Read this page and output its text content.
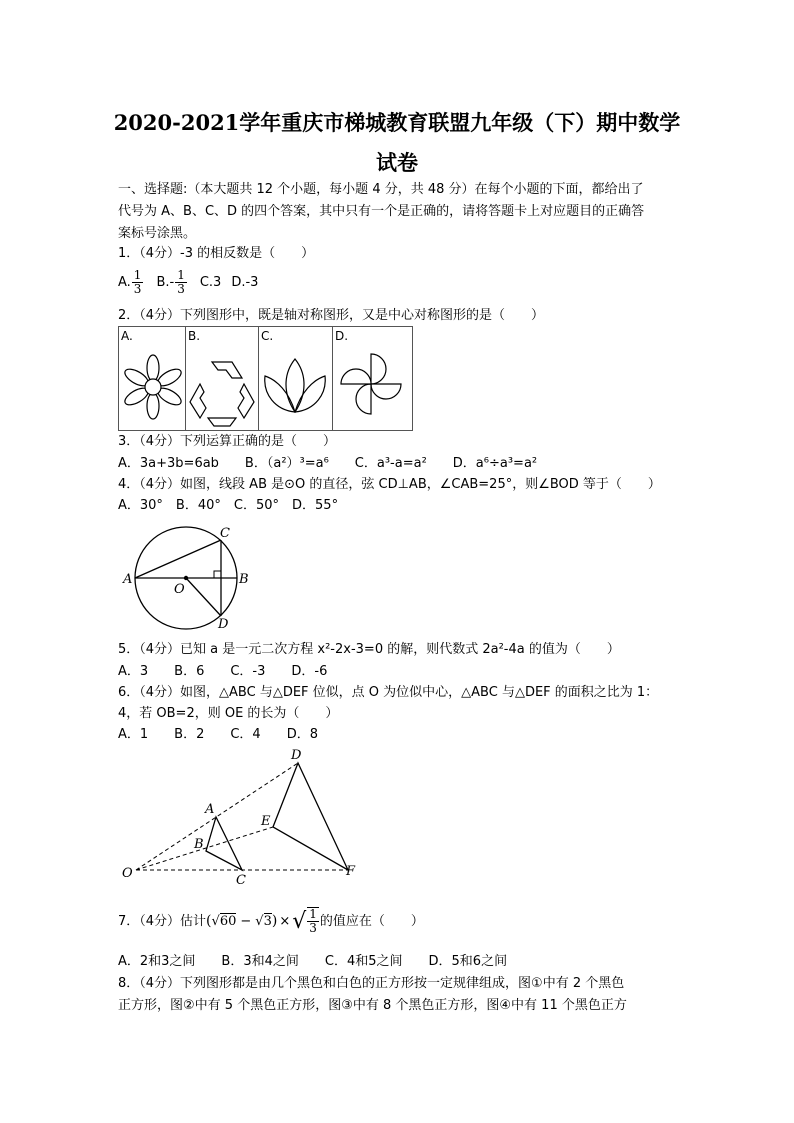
2020-2021学年重庆市梯城教育联盟九年级（下）期中数学
试卷
一、选择题:（本大题共 12 个小题，每小题 4 分，共 48 分）在每个小题的下面，都给出了
代号为 A、B、C、D 的四个答案，其中只有一个是正确的，请将答题卡上对应题目的正确答
案标号涂黑。
1．（4分）-3 的相反数是（　　）
A. $\frac{1}{3} B.- \frac{1}{3} C.3$ D.-3
2．（4分）下列图形中，既是轴对称图形，又是中心对称图形的是（　　）
A.	B.	C.	D.
3．（4分）下列运算正确的是（　　）
A．3a+3b=6ab　　B．（a²）³=a⁶　　C．a³-a=a²　　D．a⁶÷a³=a²
4．（4分）如图，线段 AB 是⊙O 的直径，弦 CD⊥AB，∠CAB=25°，则∠BOD 等于（　　）
A．30°　B．40°　C．50°　D．55°
A	B
C
D
O
5．（4分）已知 a 是一元二次方程 x²-2x-3=0 的解，则代数式 2a²-4a 的值为（　　）
A．3　　B．6　　C．-3　　D．-6
6．（4分）如图，△ABC 与△DEF 位似，点 O 为位似中心，△ABC 与△DEF 的面积之比为 1：
4，若 OB=2，则 OE 的长为（　　）
A．1　　B．2　　C．4　　D．8
O
A
B
C
D
E
F
7．（4分）估计 ( √60 − √3 ) × √ $\frac{1}{3}$ 的值应在（　　）
A．2和3之间　　B．3和4之间　　C．4和5之间　　D．5和6之间
8．（4分）下列图形都是由几个黑色和白色的正方形按一定规律组成，图①中有 2 个黑色
正方形，图②中有 5 个黑色正方形，图③中有 8 个黑色正方形，图④中有 11 个黑色正方
